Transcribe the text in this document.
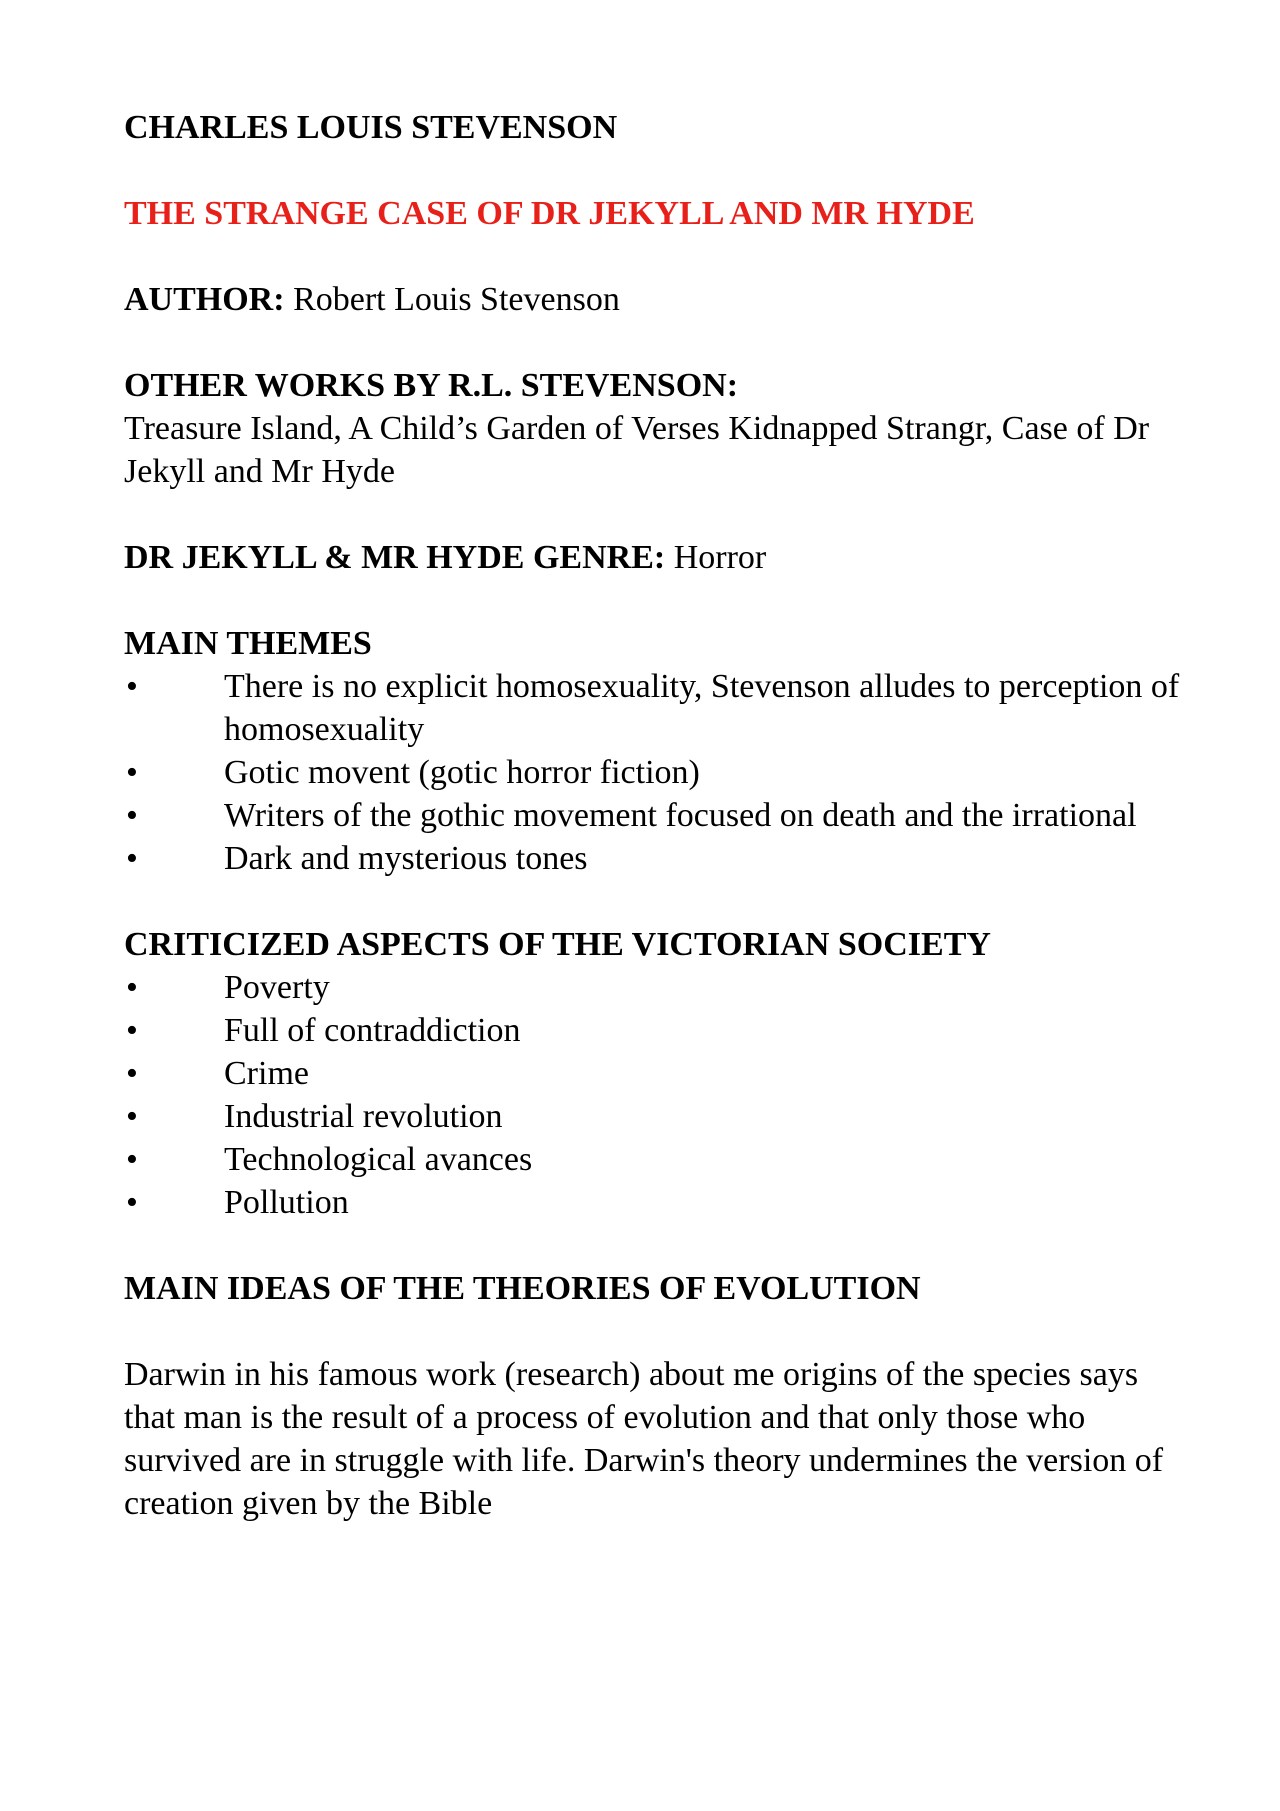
CHARLES LOUIS STEVENSON

THE STRANGE CASE OF DR JEKYLL AND MR HYDE

AUTHOR: Robert Louis Stevenson

OTHER WORKS BY R.L. STEVENSON:

Treasure Island, A Child’s Garden of Verses Kidnapped Strangr, Case of Dr Jekyll and Mr Hyde

DR JEKYLL & MR HYDE GENRE: Horror

MAIN THEMES

•	There is no explicit homosexuality, Stevenson alludes to perception of homosexuality
•	Gotic movent (gotic horror fiction)
•	Writers of the gothic movement focused on death and the irrational
•	Dark and mysterious tones

CRITICIZED ASPECTS OF THE VICTORIAN SOCIETY

•	Poverty
•	Full of contraddiction
•	Crime
•	Industrial revolution
•	Technological avances
•	Pollution

MAIN IDEAS OF THE THEORIES OF EVOLUTION

Darwin in his famous work (research) about me origins of the species says that man is the result of a process of evolution and that only those who survived are in struggle with life. Darwin's theory undermines the version of creation given by the Bible
